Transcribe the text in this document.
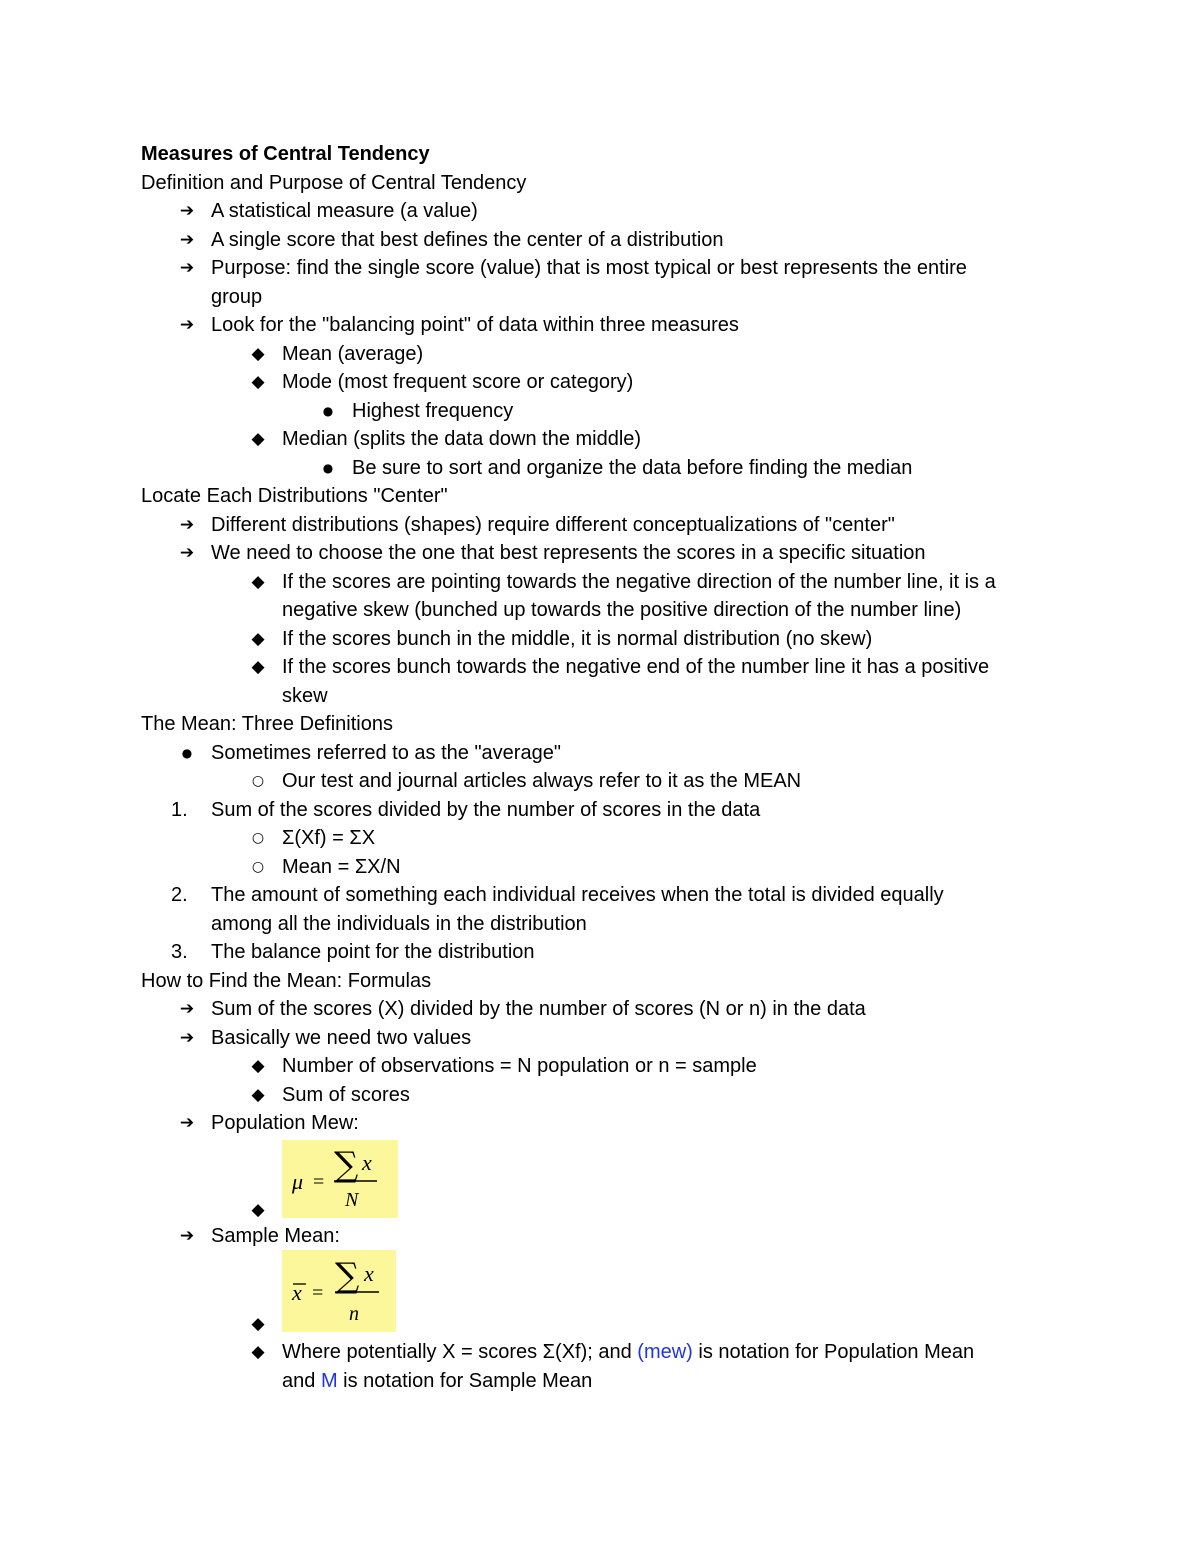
Measures of Central Tendency
Definition and Purpose of Central Tendency
➔ A statistical measure (a value)
➔ A single score that best defines the center of a distribution
➔ Purpose: find the single score (value) that is most typical or best represents the entire
group
➔ Look for the "balancing point" of data within three measures
◆ Mean (average)
◆ Mode (most frequent score or category)
● Highest frequency
◆ Median (splits the data down the middle)
● Be sure to sort and organize the data before finding the median
Locate Each Distributions "Center"
➔ Different distributions (shapes) require different conceptualizations of "center"
➔ We need to choose the one that best represents the scores in a specific situation
◆ If the scores are pointing towards the negative direction of the number line, it is a
negative skew (bunched up towards the positive direction of the number line)
◆ If the scores bunch in the middle, it is normal distribution (no skew)
◆ If the scores bunch towards the negative end of the number line it has a positive
skew
The Mean: Three Definitions
● Sometimes referred to as the "average"
○ Our test and journal articles always refer to it as the MEAN
1.	Sum of the scores divided by the number of scores in the data
○ Σ(Xf) = ΣX
○ Mean = ΣX/N
2.	The amount of something each individual receives when the total is divided equally
among all the individuals in the distribution
3.	The balance point for the distribution
How to Find the Mean: Formulas
➔ Sum of the scores (X) divided by the number of scores (N or n) in the data
➔ Basically we need two values
◆ Number of observations = N population or n = sample
◆ Sum of scores
➔ Population Mew:
◆
μ = ∑ x
N
➔ Sample Mean:
◆
x = ∑ x
n
◆ Where potentially X = scores Σ(Xf); and (mew) is notation for Population Mean
and M is notation for Sample Mean
